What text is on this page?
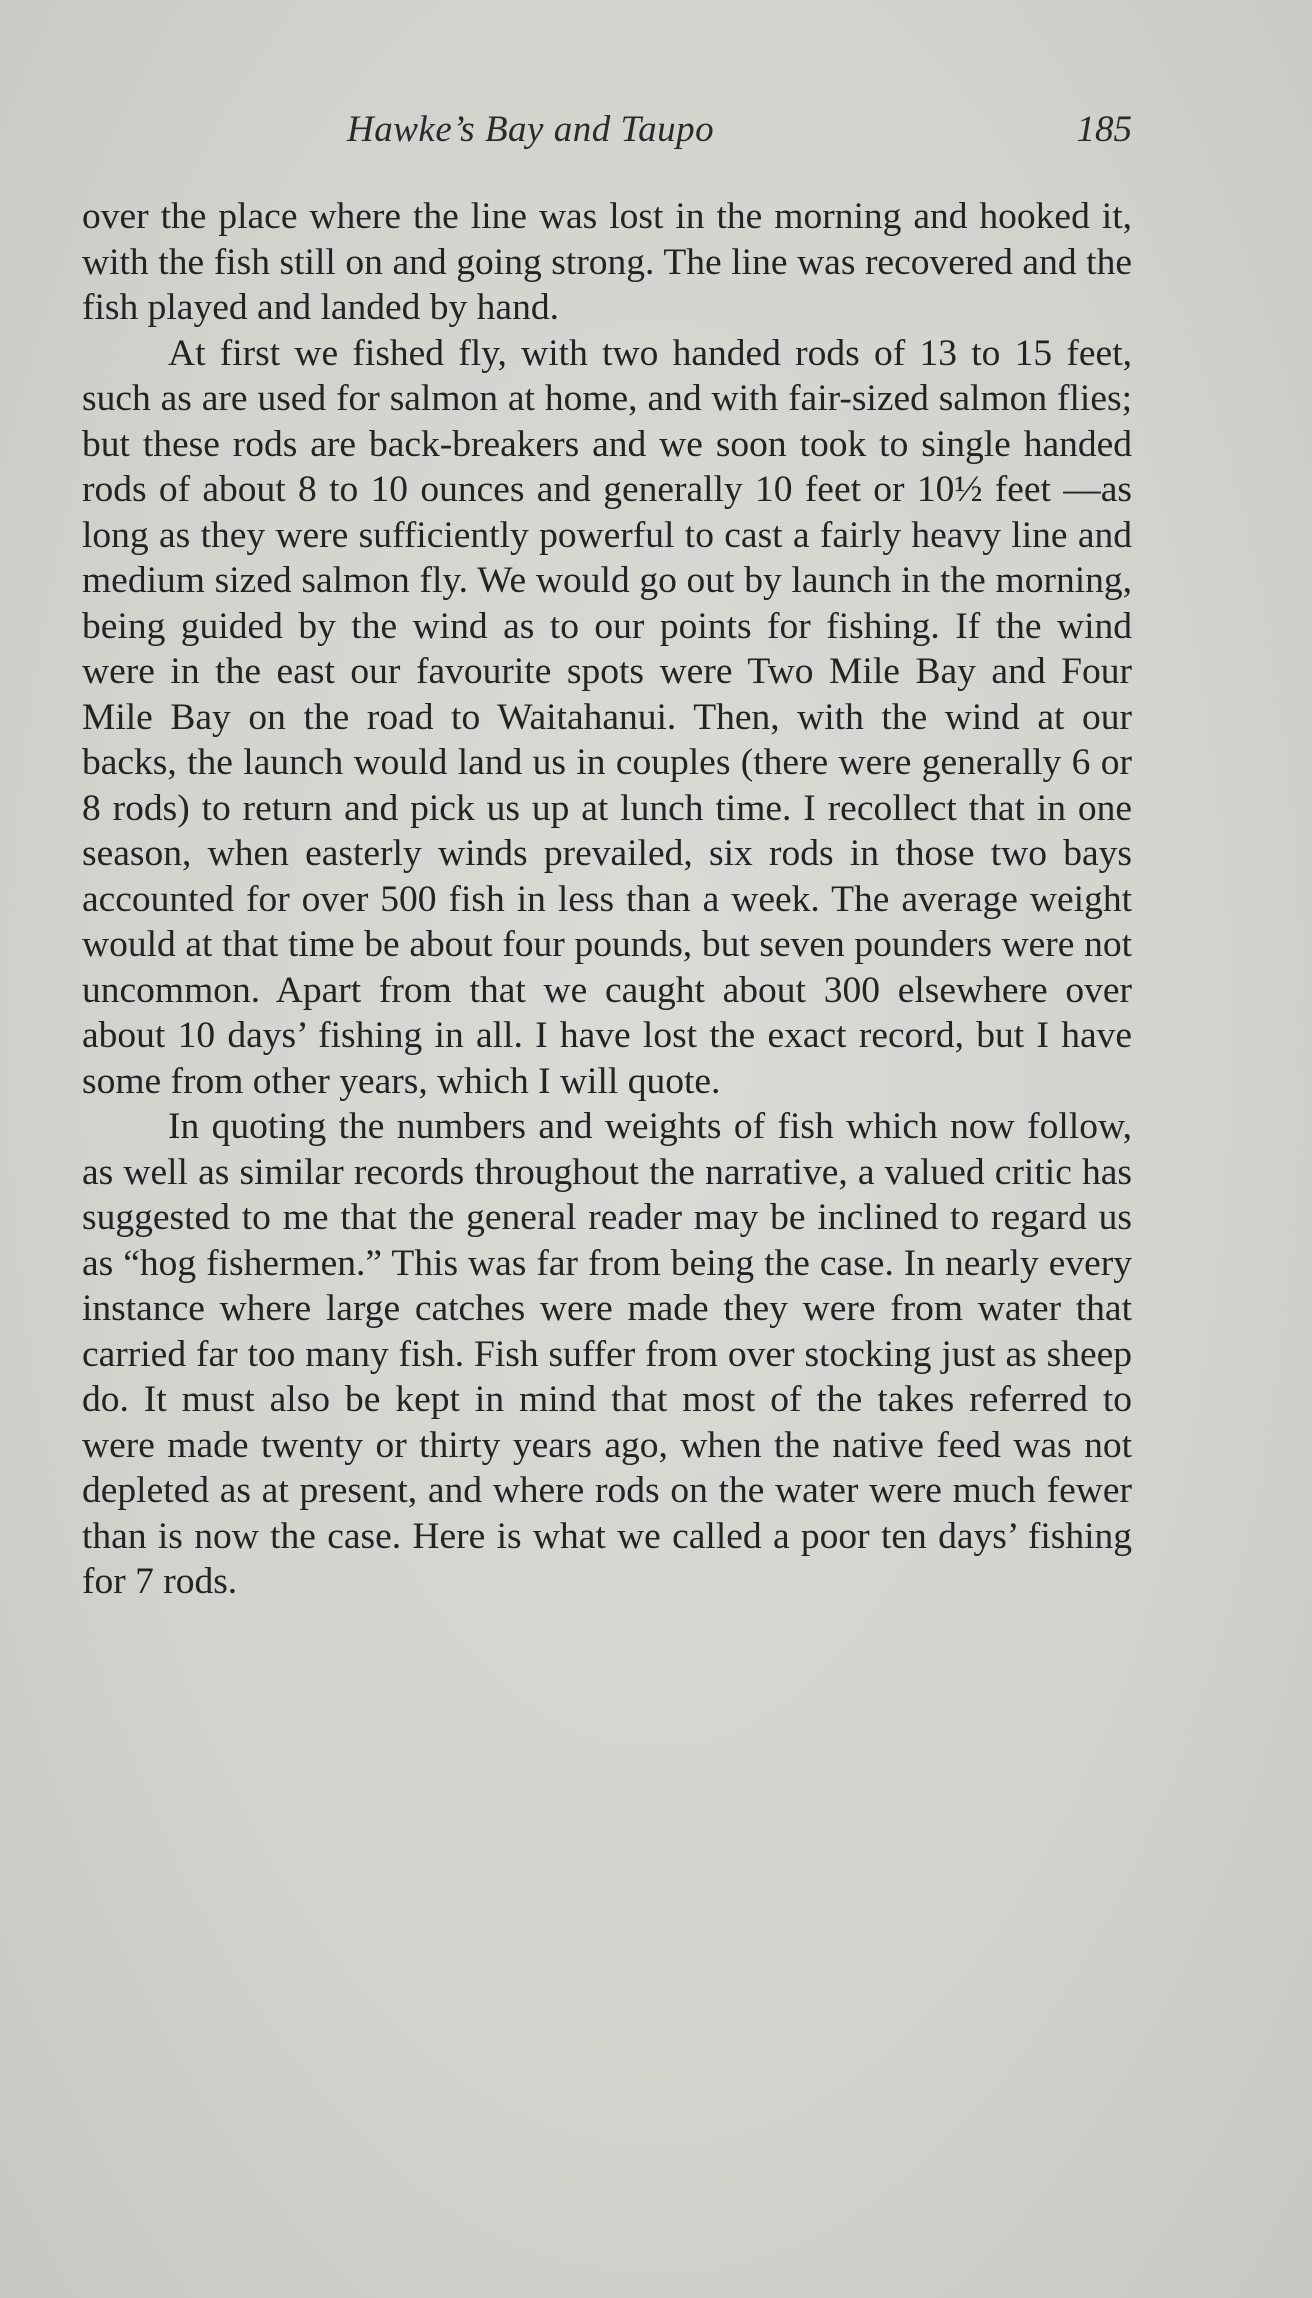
Hawke’s Bay and Taupo	185

over the place where the line was lost in the morning and hooked it, with the fish still on and going strong. The line was recovered and the fish played and landed by hand.

At first we fished fly, with two handed rods of 13 to 15 feet, such as are used for salmon at home, and with fair-sized salmon flies; but these rods are back-breakers and we soon took to single handed rods of about 8 to 10 ounces and generally 10 feet or 10½ feet —as long as they were sufficiently powerful to cast a fairly heavy line and medium sized salmon fly. We would go out by launch in the morning, being guided by the wind as to our points for fishing. If the wind were in the east our favourite spots were Two Mile Bay and Four Mile Bay on the road to Waitahanui. Then, with the wind at our backs, the launch would land us in couples (there were generally 6 or 8 rods) to return and pick us up at lunch time. I recollect that in one season, when easterly winds prevailed, six rods in those two bays accounted for over 500 fish in less than a week. The average weight would at that time be about four pounds, but seven pounders were not uncommon. Apart from that we caught about 300 elsewhere over about 10 days’ fishing in all. I have lost the exact record, but I have some from other years, which I will quote.

In quoting the numbers and weights of fish which now follow, as well as similar records throughout the narrative, a valued critic has suggested to me that the general reader may be inclined to regard us as “hog fishermen.” This was far from being the case. In nearly every instance where large catches were made they were from water that carried far too many fish. Fish suffer from over stocking just as sheep do. It must also be kept in mind that most of the takes referred to were made twenty or thirty years ago, when the native feed was not depleted as at present, and where rods on the water were much fewer than is now the case. Here is what we called a poor ten days’ fishing for 7 rods.
